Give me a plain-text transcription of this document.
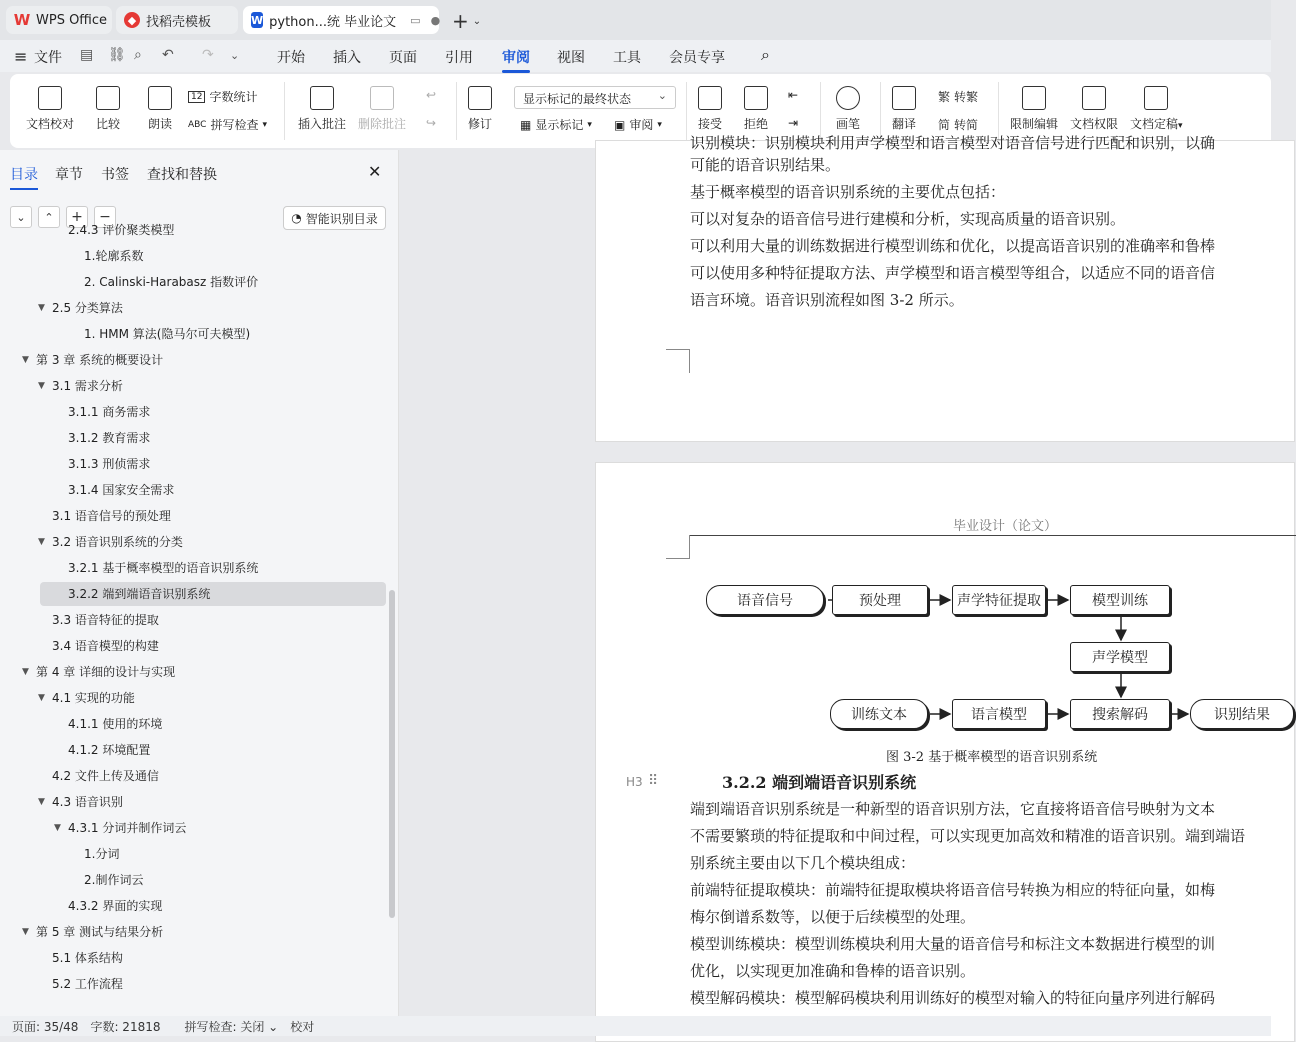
W WPS Office	◆ 找稻壳模板	W python...统 毕业论文 ▭ ● + ⌄
≡ 文件 ▤ ⛓ ⌕ ↶ ↷ ⌄	开始 插入 页面 引用 审阅 视图 工具 会员专享 ⌕
文档校对 比较 朗读
12 字数统计
ABC 拼写检查 ▾	插入批注 删除批注
↩
↪	修订
显示标记的最终状态 ⌄
▦ 显示标记 ▾ ▣ 审阅 ▾	接受 拒绝
⇤
⇥	画笔	翻译
繁 转繁
简 转简	限制编辑 文档权限 文档定稿▾
目录 章节 书签 查找和替换	✕
⌄ ⌃ + −	◔ 智能识别目录
2.4.3 评价聚类模型
1.轮廓系数
2. Calinski-Harabasz 指数评价
▼ 2.5 分类算法
1. HMM 算法(隐马尔可夫模型)
▼ 第 3 章 系统的概要设计
▼ 3.1 需求分析
3.1.1 商务需求
3.1.2 教育需求
3.1.3 刑侦需求
3.1.4 国家安全需求
3.1 语音信号的预处理
▼ 3.2 语音识别系统的分类
3.2.1 基于概率模型的语音识别系统
3.2.2 端到端语音识别系统
3.3 语音特征的提取
3.4 语音模型的构建
▼ 第 4 章 详细的设计与实现
▼ 4.1 实现的功能
4.1.1 使用的环境
4.1.2 环境配置
4.2 文件上传及通信
▼ 4.3 语音识别
▼ 4.3.1 分词并制作词云
1.分词
2.制作词云
4.3.2 界面的实现
▼ 第 5 章 测试与结果分析
5.1 体系结构
5.2 工作流程
识别模块：识别模块利用声学模型和语言模型对语音信号进行匹配和识别，以确
可能的语音识别结果。
基于概率模型的语音识别系统的主要优点包括：
可以对复杂的语音信号进行建模和分析，实现高质量的语音识别。
可以利用大量的训练数据进行模型训练和优化，以提高语音识别的准确率和鲁棒
可以使用多种特征提取方法、声学模型和语言模型等组合，以适应不同的语音信
语言环境。语音识别流程如图 3-2 所示。
毕业设计（论文）
语音信号	预处理	声学特征提取	模型训练
声学模型
训练文本	语言模型	搜索解码	识别结果
图 3-2 基于概率模型的语音识别系统
H3 ⠿	3.2.2 端到端语音识别系统
端到端语音识别系统是一种新型的语音识别方法，它直接将语音信号映射为文本
不需要繁琐的特征提取和中间过程，可以实现更加高效和精准的语音识别。端到端语
别系统主要由以下几个模块组成：
前端特征提取模块：前端特征提取模块将语音信号转换为相应的特征向量，如梅
梅尔倒谱系数等，以便于后续模型的处理。
模型训练模块：模型训练模块利用大量的语音信号和标注文本数据进行模型的训
优化，以实现更加准确和鲁棒的语音识别。
模型解码模块：模型解码模块利用训练好的模型对输入的特征向量序列进行解码
页面: 35/48 字数: 21818	拼写检查: 关闭 ⌄ 校对
